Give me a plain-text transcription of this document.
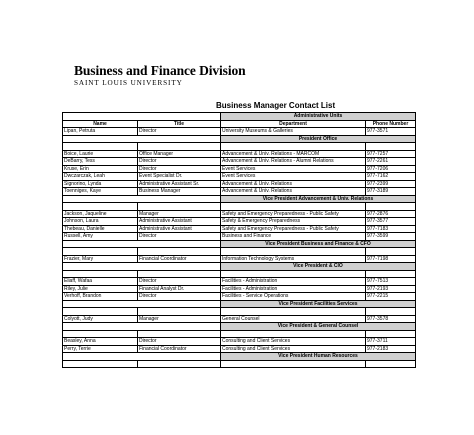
Business and Finance Division
SAINT LOUIS UNIVERSITY
Business Manager Contact List
		Administrative Units	
Name	Title	Department	Phone Number
Lipan, Petruta	Director	University Museums & Galleries	977-3571
		President Office	

Boice, Laurie	Office Manager	Advancement & Univ. Relations - MARCOM	977-7257
DeBarry, Tess	Director	Advancement & Univ. Relations - Alumni Relations	977-2261
Kruse, Erin	Director	Event Services	977-7206
Dwczarczak, Leah	Event Specialist Dr.	Event Services	977-7162
Signorino, Lynda	Administrative Assistant Sr.	Advancement & Univ. Relations	977-2399
Toenniges, Kaye	Business Manager	Advancement & Univ. Relations	977-3189
		Vice President Advancement & Univ. Relations	

Jackson, Jaqueline	Manager	Safety and Emergency Preparedness - Public Safety	977-2876
Johnson, Laura	Administrative Assistant	Safety & Emergency Preparedness	977-3577
Thebeau, Danielle	Administrative Assistant	Safety and Emergency Preparedness - Public Safety	977-7183
Russell, Amy	Director	Business and Finance	977-3599
		Vice President Business and Finance & CFO	

Frazier, Mary	Financial Coordinator	Information Technology Systems	977-7198
		Vice President & CIO	

Eliaff, Wafaa	Director	Facilities - Administration	977-7513
Riley, Julie	Financial Analyst Dr.	Facilities - Administration	977-2193
Verhoff, Brandon	Director	Facilities - Service Operations	977-2215
		Vice President Facilities Services	

Colyott, Judy	Manager	General Counsel	977-3578
		Vice President & General Counsel	

Beasley, Anna	Director	Consulting and Client Services	977-3711
Perry, Terrie	Financial Coordinator	Consulting and Client Services	977-2183
		Vice President Human Resources	
